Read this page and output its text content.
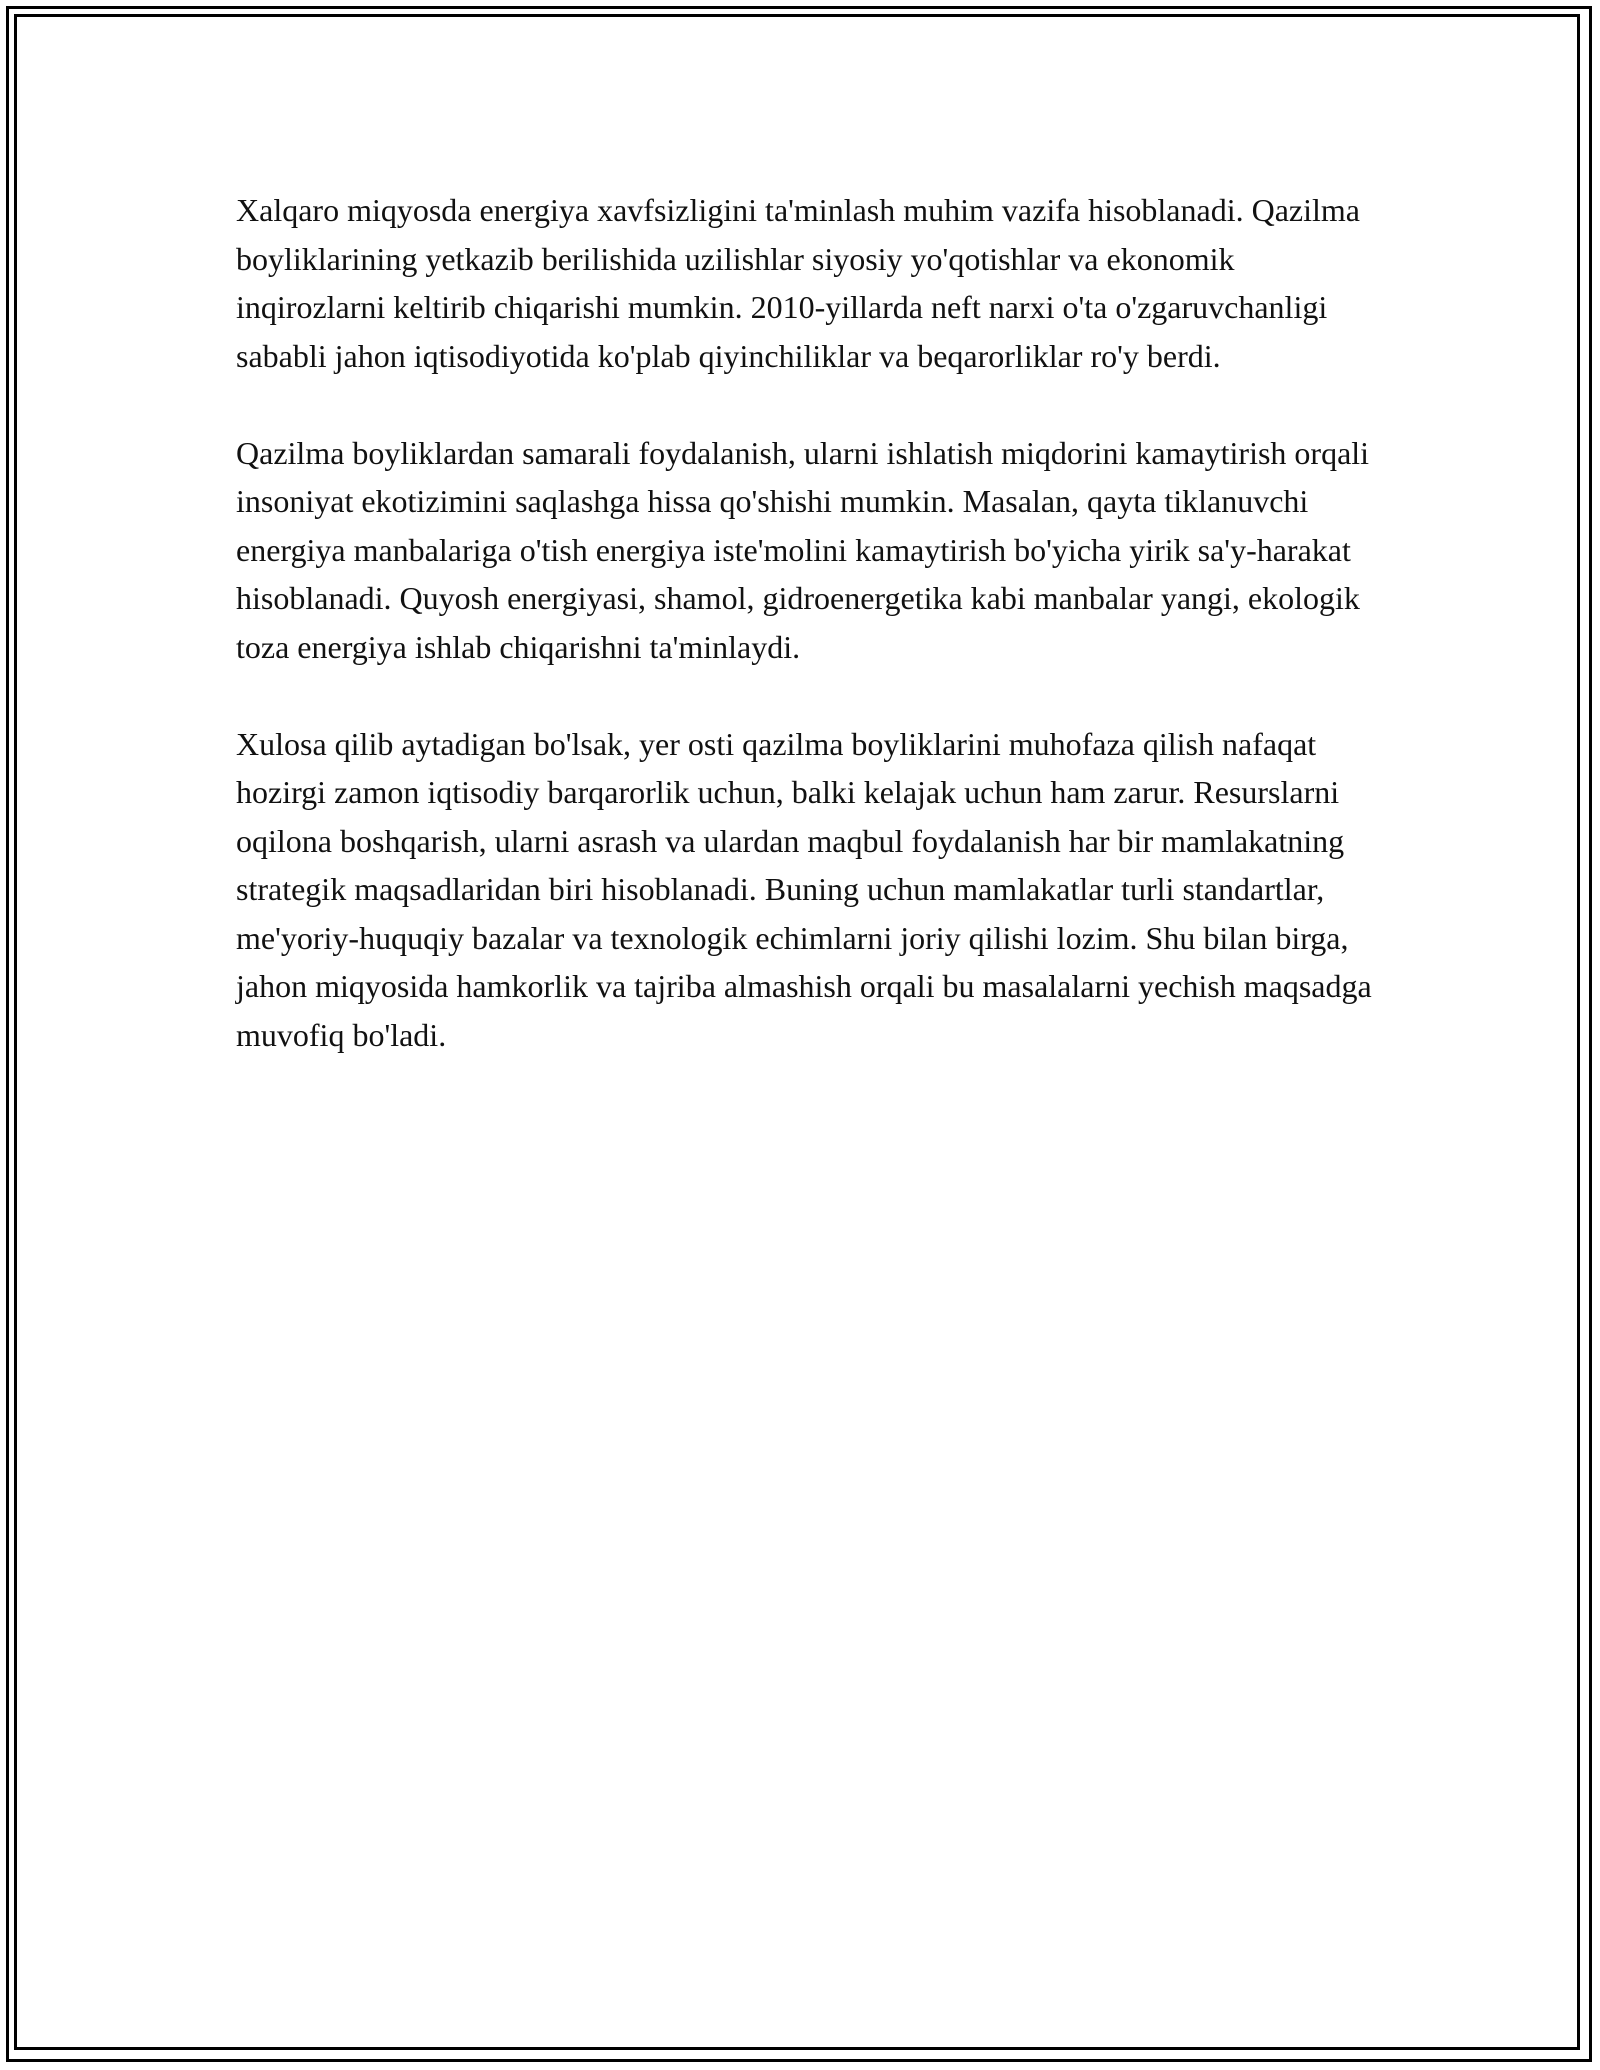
Xalqaro miqyosda energiya xavfsizligini ta'minlash muhim vazifa hisoblanadi. Qazilma boyliklarining yetkazib berilishida uzilishlar siyosiy yo'qotishlar va ekonomik inqirozlarni keltirib chiqarishi mumkin. 2010-yillarda neft narxi o'ta o'zgaruvchanligi sababli jahon iqtisodiyotida ko'plab qiyinchiliklar va beqarorliklar ro'y berdi.

Qazilma boyliklardan samarali foydalanish, ularni ishlatish miqdorini kamaytirish orqali insoniyat ekotizimini saqlashga hissa qo'shishi mumkin. Masalan, qayta tiklanuvchi energiya manbalariga o'tish energiya iste'molini kamaytirish bo'yicha yirik sa'y-harakat hisoblanadi. Quyosh energiyasi, shamol, gidroenergetika kabi manbalar yangi, ekologik toza energiya ishlab chiqarishni ta'minlaydi.

Xulosa qilib aytadigan bo'lsak, yer osti qazilma boyliklarini muhofaza qilish nafaqat hozirgi zamon iqtisodiy barqarorlik uchun, balki kelajak uchun ham zarur. Resurslarni oqilona boshqarish, ularni asrash va ulardan maqbul foydalanish har bir mamlakatning strategik maqsadlaridan biri hisoblanadi. Buning uchun mamlakatlar turli standartlar, me'yoriy-huquqiy bazalar va texnologik echimlarni joriy qilishi lozim. Shu bilan birga, jahon miqyosida hamkorlik va tajriba almashish orqali bu masalalarni yechish maqsadga muvofiq bo'ladi.
